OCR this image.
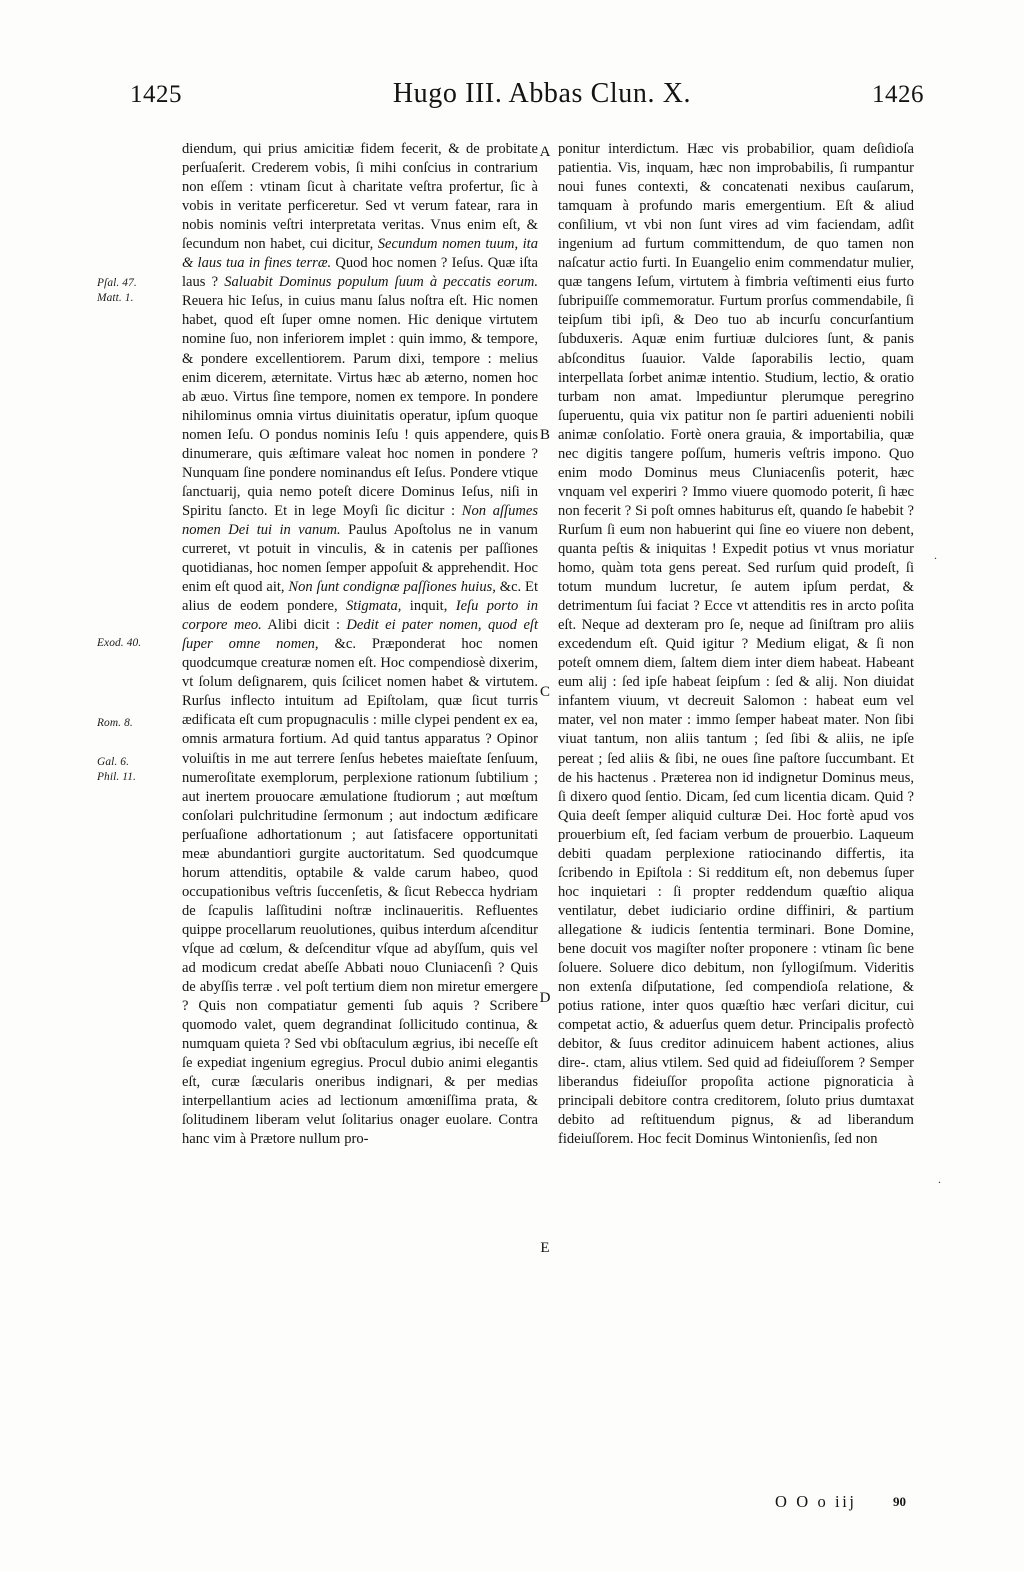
1425	Hugo III. Abbas Clun. X.	1426
Pſal. 47.
Matt. 1.
Exod. 40.
Rom. 8.
Gal. 6.
Phil. 11.
A
B
C
D
E

diendum, qui prius amicitiæ fidem fecerit, & de probitate perſuaſerit. Crederem vobis, ſi mihi conſcius in contrarium non eſſem : vtinam ſicut à charitate veſtra profertur, ſic à vobis in veritate perficeretur. Sed vt verum fatear, rara in nobis nominis veſtri interpretata veritas. Vnus enim eſt, & ſecundum non habet, cui dicitur, Secundum nomen tuum, ita & laus tua in fines terræ. Quod hoc nomen ? Ieſus. Quæ iſta laus ? Saluabit Dominus populum ſuum à peccatis eorum. Reuera hic Ieſus, in cuius manu ſalus noſtra eſt. Hic nomen habet, quod eſt ſuper omne nomen. Hic denique virtutem nomine ſuo, non inferiorem implet : quin immo, & tempore, & pondere excellentiorem. Parum dixi, tempore : melius enim dicerem, æternitate. Virtus hæc ab æterno, nomen hoc ab æuo. Virtus ſine tempore, nomen ex tempore. In pondere nihilominus omnia virtus diuinitatis operatur, ipſum quoque nomen Ieſu. O pondus nominis Ieſu ! quis appendere, quis dinumerare, quis æſtimare valeat hoc nomen in pondere ? Nunquam ſine pondere nominandus eſt Ieſus. Pondere vtique ſanctuarij, quia nemo poteſt dicere Dominus Ieſus, niſi in Spiritu ſancto. Et in lege Moyſi ſic dicitur : Non aſſumes nomen Dei tui in vanum. Paulus Apoſtolus ne in vanum curreret, vt potuit in vinculis, & in catenis per paſſiones quotidianas, hoc nomen ſemper appoſuit & apprehendit. Hoc enim eſt quod ait, Non ſunt condignæ paſſiones huius, &c. Et alius de eodem pondere, Stigmata, inquit, Ieſu porto in corpore meo. Alibi dicit : Dedit ei pater nomen, quod eſt ſuper omne nomen, &c. Præponderat hoc nomen quodcumque creaturæ nomen eſt. Hoc compendiosè dixerim, vt ſolum deſignarem, quis ſcilicet nomen habet & virtutem. Rurſus inflecto intuitum ad Epiſtolam, quæ ſicut turris ædificata eſt cum propugnaculis : mille clypei pendent ex ea, omnis armatura fortium. Ad quid tantus apparatus ? Opinor voluiſtis in me aut terrere ſenſus hebetes maieſtate ſenſuum, numeroſitate exemplorum, perplexione rationum ſubtilium ; aut inertem prouocare æmulatione ſtudiorum ; aut mœſtum conſolari pulchritudine ſermonum ; aut indoctum ædificare perſuaſione adhortationum ; aut ſatisfacere opportunitati meæ abundantiori gurgite auctoritatum. Sed quodcumque horum attenditis, optabile & valde carum habeo, quod occupationibus veſtris ſuccenſetis, & ſicut Rebecca hydriam de ſcapulis laſſitudini noſtræ inclinaueritis. Refluentes quippe procellarum reuolutiones, quibus interdum aſcenditur vſque ad cœlum, & deſcenditur vſque ad abyſſum, quis vel ad modicum credat abeſſe Abbati nouo Cluniacenſi ? Quis de abyſſis terræ . vel poſt tertium diem non miretur emergere ? Quis non compatiatur gementi ſub aquis ? Scribere quomodo valet, quem degrandinat ſollicitudo continua, & numquam quieta ? Sed vbi obſtaculum ægrius, ibi neceſſe eſt ſe expediat ingenium egregius. Procul dubio animi elegantis eſt, curæ ſæcularis oneribus indignari, & per medias interpellantium acies ad lectionum amœniſſima prata, & ſolitudinem liberam velut ſolitarius onager euolare. Contra hanc vim à Prætore nullum pro-

ponitur interdictum. Hæc vis probabilior, quam deſidioſa patientia. Vis, inquam, hæc non improbabilis, ſi rumpantur noui funes contexti, & concatenati nexibus cauſarum, tamquam à profundo maris emergentium. Eſt & aliud conſilium, vt vbi non ſunt vires ad vim faciendam, adſit ingenium ad furtum committendum, de quo tamen non naſcatur actio furti. In Euangelio enim commendatur mulier, quæ tangens Ieſum, virtutem à fimbria veſtimenti eius furto ſubripuiſſe commemoratur. Furtum prorſus commendabile, ſi teipſum tibi ipſi, & Deo tuo ab incurſu concurſantium ſubduxeris. Aquæ enim furtiuæ dulciores ſunt, & panis abſconditus ſuauior. Valde ſaporabilis lectio, quam interpellata ſorbet animæ intentio. Studium, lectio, & oratio turbam non amat. lmpediuntur plerumque peregrino ſuperuentu, quia vix patitur non ſe partiri aduenienti nobili animæ conſolatio. Fortè onera grauia, & importabilia, quæ nec digitis tangere poſſum, humeris veſtris impono. Quo enim modo Dominus meus Cluniacenſis poterit, hæc vnquam vel experiri ? Immo viuere quomodo poterit, ſi hæc non fecerit ? Si poſt omnes habiturus eſt, quando ſe habebit ? Rurſum ſi eum non habuerint qui ſine eo viuere non debent, quanta peſtis & iniquitas ! Expedit potius vt vnus moriatur homo, quàm tota gens pereat. Sed rurſum quid prodeſt, ſi totum mundum lucretur, ſe autem ipſum perdat, & detrimentum ſui faciat ? Ecce vt attenditis res in arcto poſita eſt. Neque ad dexteram pro ſe, neque ad ſiniſtram pro aliis excedendum eſt. Quid igitur ? Medium eligat, & ſi non poteſt omnem diem, ſaltem diem inter diem habeat. Habeant eum alij : ſed ipſe habeat ſeipſum : ſed & alij. Non diuidat infantem viuum, vt decreuit Salomon : habeat eum vel mater, vel non mater : immo ſemper habeat mater. Non ſibi viuat tantum, non aliis tantum ; ſed ſibi & aliis, ne ipſe pereat ; ſed aliis & ſibi, ne oues ſine paſtore ſuccumbant. Et de his hactenus . Præterea non id indignetur Dominus meus, ſi dixero quod ſentio. Dicam, ſed cum licentia dicam. Quid ? Quia deeſt ſemper aliquid culturæ Dei. Hoc fortè apud vos prouerbium eſt, ſed faciam verbum de prouerbio. Laqueum debiti quadam perplexione ratiocinando differtis, ita ſcribendo in Epiſtola : Si redditum eſt, non debemus ſuper hoc inquietari : ſi propter reddendum quæſtio aliqua ventilatur, debet iudiciario ordine diffiniri, & partium allegatione & iudicis ſententia terminari. Bone Domine, bene docuit vos magiſter noſter proponere : vtinam ſic bene ſoluere. Soluere dico debitum, non ſyllogiſmum. Videritis non extenſa diſputatione, ſed compendioſa relatione, & potius ratione, inter quos quæſtio hæc verſari dicitur, cui competat actio, & aduerſus quem detur. Principalis profectò debitor, & ſuus creditor adinuicem habent actiones, alius dire-. ctam, alius vtilem. Sed quid ad fideiuſſorem ? Semper liberandus fideiuſſor propoſita actione pignoraticia à principali debitore contra creditorem, ſoluto prius dumtaxat debito ad reſtituendum pignus, & ad liberandum fideiuſſorem. Hoc fecit Dominus Wintonienſis, ſed non

.
.
O O o iij	90
